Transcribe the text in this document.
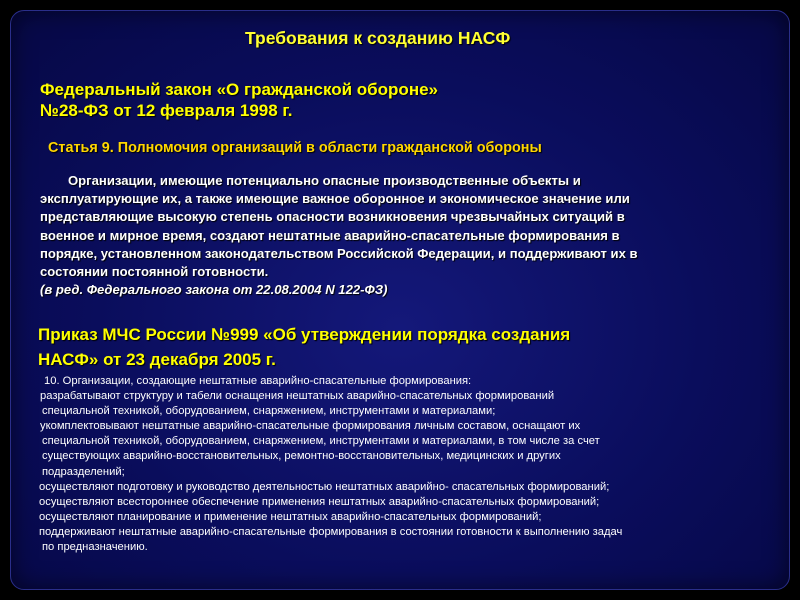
Требования к созданию НАСФ
Федеральный закон «О гражданской обороне»
№28-ФЗ от 12 февраля 1998 г.
Статья 9. Полномочия организаций в области гражданской обороны
Организации, имеющие потенциально опасные производственные объекты и
эксплуатирующие их, а также имеющие важное оборонное и экономическое значение или
представляющие высокую степень опасности возникновения чрезвычайных ситуаций в
военное и мирное время, создают нештатные аварийно-спасательные формирования в
порядке, установленном законодательством Российской Федерации, и поддерживают их в
состоянии постоянной готовности.
(в ред. Федерального закона от 22.08.2004 N 122-ФЗ)
Приказ МЧС России №999 «Об утверждении порядка создания
НАСФ» от 23 декабря 2005 г.
10. Организации, создающие нештатные аварийно-спасательные формирования:
разрабатывают структуру и табели оснащения нештатных аварийно-спасательных формирований
специальной техникой, оборудованием, снаряжением, инструментами и материалами;
укомплектовывают нештатные аварийно-спасательные формирования личным составом, оснащают их
специальной техникой, оборудованием, снаряжением, инструментами и материалами, в том числе за счет
существующих аварийно-восстановительных, ремонтно-восстановительных, медицинских и других
подразделений;
осуществляют подготовку и руководство деятельностью нештатных аварийно- спасательных формирований;
осуществляют всестороннее обеспечение применения нештатных аварийно-спасательных формирований;
осуществляют планирование и применение нештатных аварийно-спасательных формирований;
поддерживают нештатные аварийно-спасательные формирования в состоянии готовности к выполнению задач
по предназначению.
